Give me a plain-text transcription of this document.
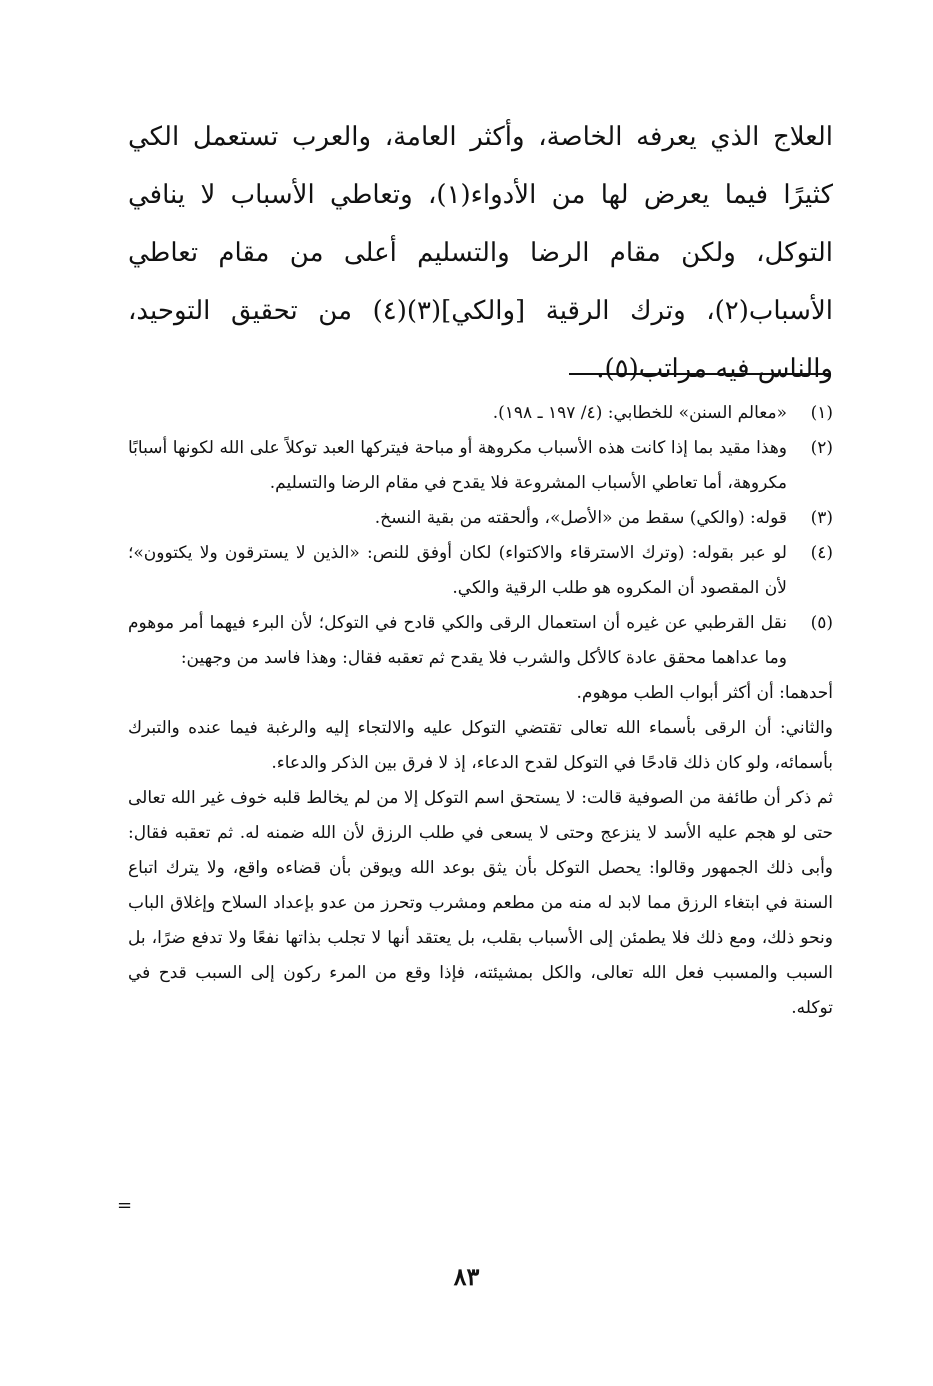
العلاج الذي يعرفه الخاصة، وأكثر العامة، والعرب تستعمل الكي كثيرًا فيما يعرض لها من الأدواء(١)، وتعاطي الأسباب لا ينافي التوكل، ولكن مقام الرضا والتسليم أعلى من مقام تعاطي الأسباب(٢)، وترك الرقية [والكي](٣)(٤) من تحقيق التوحيد، والناس فيه مراتب(٥).

(١)
«معالم السنن» للخطابي: (٤/ ١٩٧ ـ ١٩٨).
(٢)
وهذا مقيد بما إذا كانت هذه الأسباب مكروهة أو مباحة فيتركها العبد توكلاً على الله لكونها أسبابًا مكروهة، أما تعاطي الأسباب المشروعة فلا يقدح في مقام الرضا والتسليم.
(٣)
قوله: (والكي) سقط من «الأصل»، وألحقته من بقية النسخ.
(٤)
لو عبر بقوله: (وترك الاسترقاء والاكتواء) لكان أوفق للنص: «الذين لا يسترقون ولا يكتوون»؛ لأن المقصود أن المكروه هو طلب الرقية والكي.
(٥)
نقل القرطبي عن غيره أن استعمال الرقى والكي قادح في التوكل؛ لأن البرء فيهما أمر موهوم وما عداهما محقق عادة كالأكل والشرب فلا يقدح ثم تعقبه فقال: وهذا فاسد من وجهين:

أحدهما: أن أكثر أبواب الطب موهوم.

والثاني: أن الرقى بأسماء الله تعالى تقتضي التوكل عليه والالتجاء إليه والرغبة فيما عنده والتبرك بأسمائه، ولو كان ذلك قادحًا في التوكل لقدح الدعاء، إذ لا فرق بين الذكر والدعاء.

ثم ذكر أن طائفة من الصوفية قالت: لا يستحق اسم التوكل إلا من لم يخالط قلبه خوف غير الله تعالى حتى لو هجم عليه الأسد لا ينزعج وحتى لا يسعى في طلب الرزق لأن الله ضمنه له. ثم تعقبه فقال: وأبى ذلك الجمهور وقالوا: يحصل التوكل بأن يثق بوعد الله ويوقن بأن قضاءه واقع، ولا يترك اتباع السنة في ابتغاء الرزق مما لابد له منه من مطعم ومشرب وتحرز من عدو بإعداد السلاح وإغلاق الباب ونحو ذلك، ومع ذلك فلا يطمئن إلى الأسباب بقلب، بل يعتقد أنها لا تجلب بذاتها نفعًا ولا تدفع ضرًا، بل السبب والمسبب فعل الله تعالى، والكل بمشيئته، فإذا وقع من المرء ركون إلى السبب قدح في توكله.

=
٨٣
